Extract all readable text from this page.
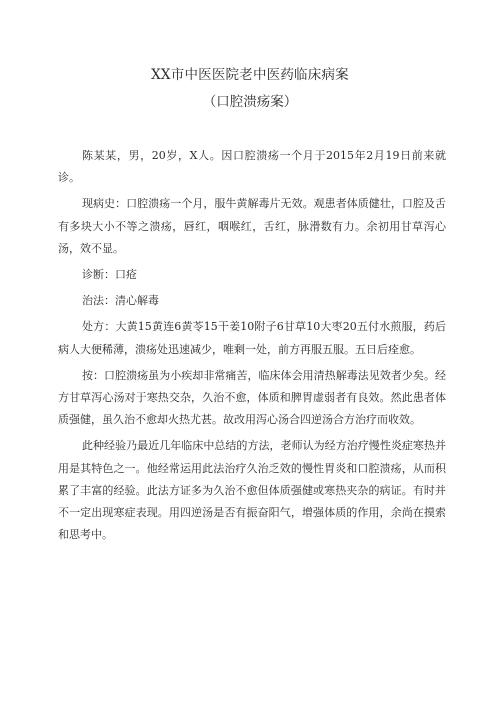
XX市中医医院老中医药临床病案
（口腔溃疡案）

陈某某，男，20岁，X人。因口腔溃疡一个月于2015年2月19日前来就诊。

现病史：口腔溃疡一个月，服牛黄解毒片无效。观患者体质健壮，口腔及舌有多块大小不等之溃疡，唇红，咽喉红，舌红，脉滑数有力。余初用甘草泻心汤，效不显。

诊断：口疮

治法：清心解毒

处方：大黄15黄连6黄苓15干姜10附子6甘草10大枣20五付水煎服，药后病人大便稀薄，溃疡处迅速减少，唯剩一处，前方再服五服。五日后痊愈。

按：口腔溃疡虽为小疾却非常痛苦，临床体会用清热解毒法见效者少矣。经方甘草泻心汤对于寒热交杂，久治不愈，体质和脾胃虚弱者有良效。然此患者体质强健，虽久治不愈却火热尤甚。故改用泻心汤合四逆汤合方治疗而收效。

此种经验乃最近几年临床中总结的方法，老师认为经方治疗慢性炎症寒热并用是其特色之一。他经常运用此法治疗久治乏效的慢性胃炎和口腔溃疡，从而积累了丰富的经验。此法方证多为久治不愈但体质强健或寒热夹杂的病证。有时并不一定出现寒症表现。用四逆汤是否有振奋阳气，增强体质的作用，余尚在摸索和思考中。
